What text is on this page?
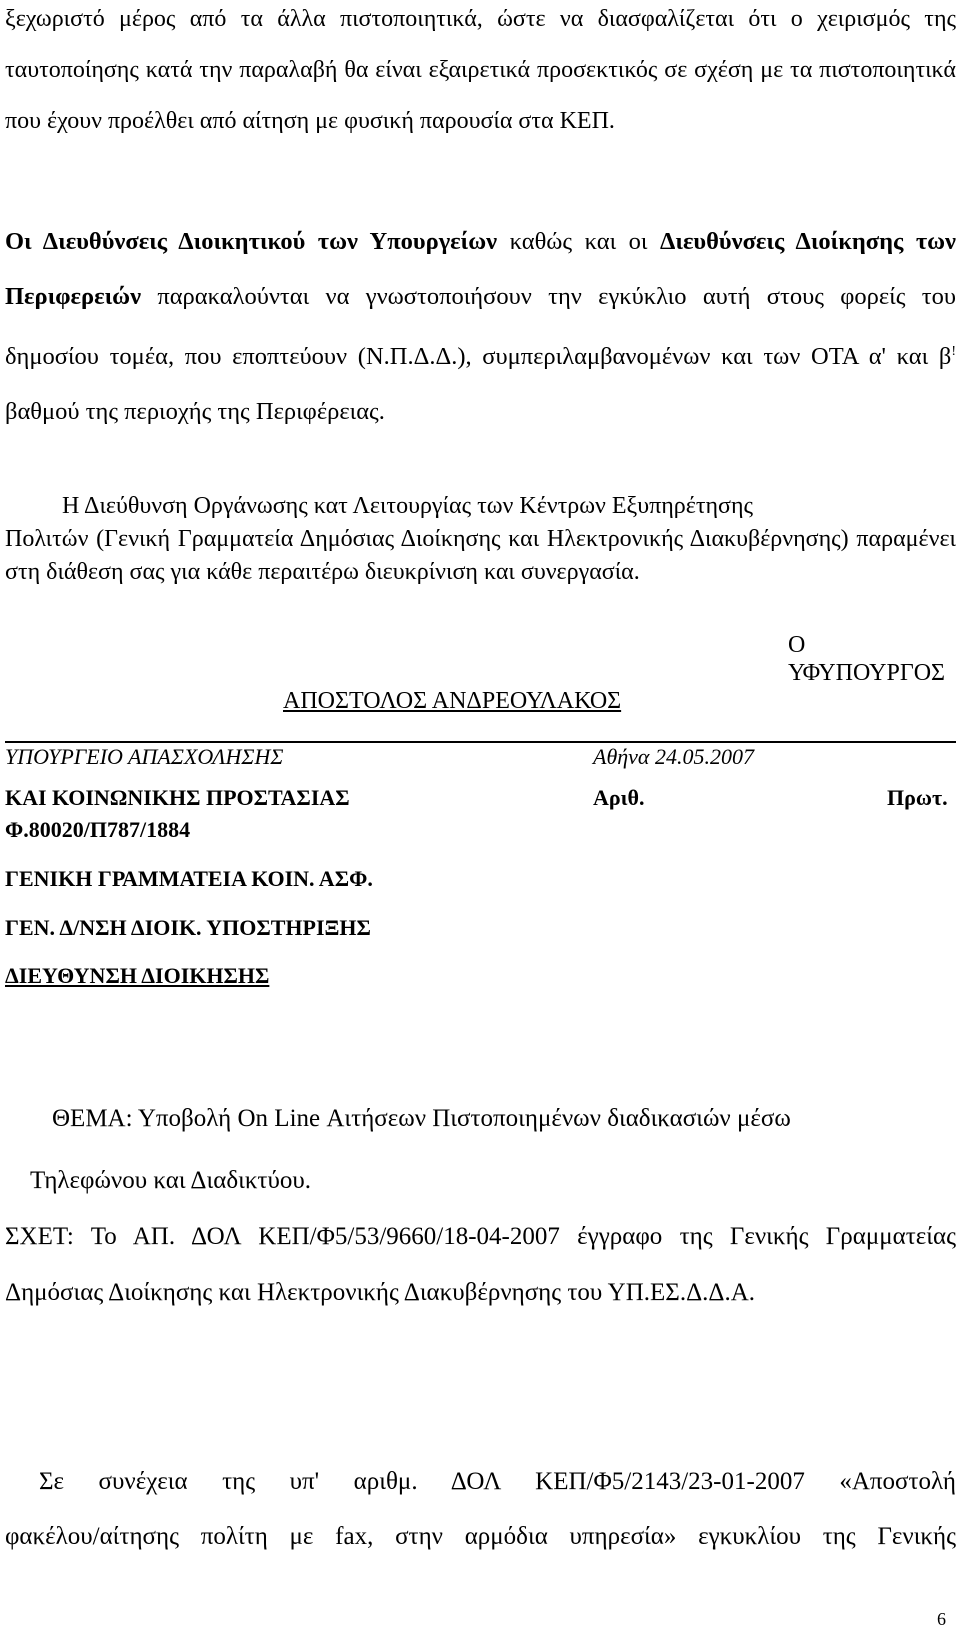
ξεχωριστό μέρος από τα άλλα πιστοποιητικά, ώστε να διασφαλίζεται ότι ο χειρισμός της ταυτοποίησης κατά την παραλαβή θα είναι εξαιρετικά προσεκτικός σε σχέση με τα πιστοποιητικά που έχουν προέλθει από αίτηση με φυσική παρουσία στα ΚΕΠ.

Οι Διευθύνσεις Διοικητικού των Υπουργείων καθώς και οι Διευθύνσεις Διοίκησης των Περιφερειών παρακαλούνται να γνωστοποιήσουν την εγκύκλιο αυτή στους φορείς του δημοσίου τομέα, που εποπτεύουν (Ν.Π.Δ.Δ.), συμπεριλαμβανομένων και των ΟΤΑ α' και β! βαθμού της περιοχής της Περιφέρειας.

Η Διεύθυνση Οργάνωσης κατ Λειτουργίας των Κέντρων Εξυπηρέτησης
Πολιτών (Γενική Γραμματεία Δημόσιας Διοίκησης και Ηλεκτρονικής Διακυβέρνησης) παραμένει στη διάθεση σας για κάθε περαιτέρω διευκρίνιση και συνεργασία.

Ο ΥΦΥΠΟΥΡΓΟΣ
ΑΠΟΣΤΟΛΟΣ ΑΝΔΡΕΟΥΛΑΚΟΣ
ΥΠΟΥΡΓΕΙΟ ΑΠΑΣΧΟΛΗΣΗΣ	Αθήνα 24.05.2007
ΚΑΙ ΚΟΙΝΩΝΙΚΗΣ ΠΡΟΣΤΑΣΙΑΣ	Αριθ.	Πρωτ.
Φ.80020/Π787/1884
ΓΕΝΙΚΗ ΓΡΑΜΜΑΤΕΙΑ ΚΟΙΝ. ΑΣΦ.
ΓΕΝ. Δ/ΝΣΗ ΔΙΟΙΚ. ΥΠΟΣΤΗΡΙΞΗΣ
ΔΙΕΥΘΥΝΣΗ ΔΙΟΙΚΗΣΗΣ
ΘΕΜΑ: Υποβολή On Line Αιτήσεων Πιστοποιημένων διαδικασιών μέσω
Τηλεφώνου και Διαδικτύου.

ΣΧΕΤ: Το ΑΠ. ΔΟΛ ΚΕΠ/Φ5/53/9660/18-04-2007 έγγραφο της Γενικής Γραμματείας Δημόσιας Διοίκησης και Ηλεκτρονικής Διακυβέρνησης του ΥΠ.ΕΣ.Δ.Δ.Α.

Σε συνέχεια της υπ' αριθμ. ΔΟΛ ΚΕΠ/Φ5/2143/23-01-2007 «Αποστολή
φακέλου/αίτησης πολίτη με fax, στην αρμόδια υπηρεσία» εγκυκλίου της Γενικής
6
